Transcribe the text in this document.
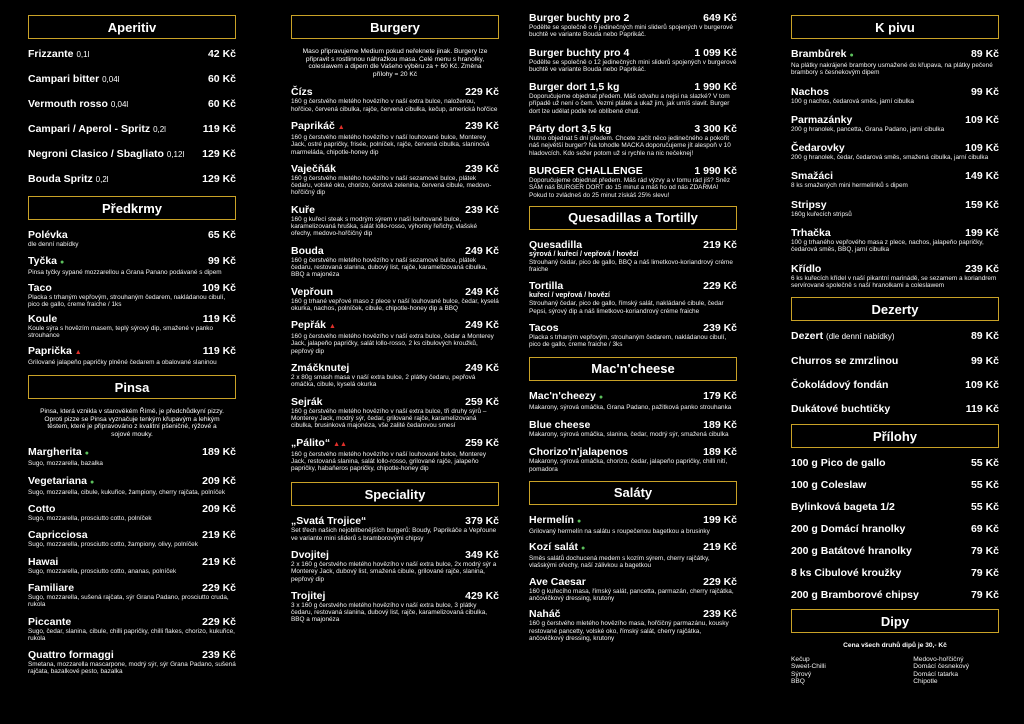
Aperitiv
Frizzante 0,1l	42 Kč
Campari bitter 0,04l	60 Kč
Vermouth rosso 0,04l	60 Kč
Campari / Aperol - Spritz 0,2l	119 Kč
Negroni Clasico / Sbagliato 0,12l 129 Kč
Bouda Spritz 0,2l	129 Kč
Předkrmy
Polévka	65 Kč
dle denní nabídky
Tyčka ●	99 Kč
Pinsa tyčky sypané mozzarellou a Grana Panano podávané s dipem
Taco	109 Kč
Placka s trhaným vepřovým, strouhaným čedarem, nakládanou cibulí, pico de gallo, creme fraiche / 1ks
Koule	119 Kč
Koule sýra s hovězím masem, teplý sýrový dip, smažené v panko strouhance
Paprička ▲	119 Kč
Grilované jalapeňo papričky plněné čedarem a obalované slaninou
Pinsa
Pinsa, která vznikla v starověkém Římě, je předchůdkyní pizzy. Oproti pizze se Pinsa vyznačuje tenkým křupavým a lehkým těstem, které je připravováno z kvalitní pšeničné, rýžové a sojové mouky.
Margherita ●	189 Kč
Sugo, mozzarella, bazalka
Vegetariana ●	209 Kč
Sugo, mozzarella, cibule, kukuřice, žampiony, cherry rajčata, polníček
Cotto	209 Kč
Sugo, mozzarella, prosciutto cotto, polníček
Capricciosa	219 Kč
Sugo, mozzarella, prosciutto cotto, žampiony, olivy, polníček
Hawai	219 Kč
Sugo, mozzarella, prosciutto cotto, ananas, polníček
Familiare	229 Kč
Sugo, mozzarella, sušená rajčata, sýr Grana Padano, prosciutto cruda, rukola
Piccante	229 Kč
Sugo, čedar, slanina, cibule, chilli papričky, chilli flakes, chorizo, kukuřice, rukola
Quattro formaggi	239 Kč
Smetana, mozzarella mascarpone, modrý sýr, sýr Grana Padano, sušená rajčata, bazalkové pesto, bazalka
Burgery
Maso připravujeme Medium pokud neřeknete jinak. Burgery lze připravit s rostlinnou náhražkou masa. Celé menu s hranolky, coleslawem a dipem dle Vašeho výběru za + 60 Kč. Změna přílohy = 20 Kč
Čízs	229 Kč
160 g čerstvého mletého hovězího v naší extra bulce, naloženou, hořčice, červená cibulka, rajče, červená cibulka, kečup, americká hořčice
Paprikáč ▲	239 Kč
160 g čerstvého mletého hovězího v naší louhované bulce, Monterey Jack, ostré papričky, frisée, polníček, rajče, červená cibulka, slaninová marmeláda, chipotle-honey dip
Vaječňák	239 Kč
160 g čerstvého mletého hovězího v naší sezamové bulce, plátek čedaru, volské oko, chorizo, čerstvá zelenina, červená cibule, medovo-hořčičný dip
Kuře	239 Kč
160 g kuřecí steak s modrým sýrem v naší louhované bulce, karamelizovaná hruška, salát lollo-rosso, výhonky řeřichy, vlašské ořechy, medovo-hořčičný dip
Bouda	249 Kč
160 g čerstvého mletého hovězího v naší sezamové bulce, plátek čedaru, restovaná slanina, dubový list, rajče, karamelizovaná cibulka, BBQ a majonéza
Vepřoun	249 Kč
160 g trhané vepřové maso z plece v naší louhované bulce, čedar, kyselá okurka, nachos, polníček, cibule, chipotle-honey dip a BBQ
Pepřák ▲	249 Kč
160 g čerstvého mletého hovězího v naší extra bulce, čedar a Monterey Jack, jalapeňo papričky, salát lollo-rosso, 2 ks cibulových kroužků, pepřový dip
Zmáčknutej	249 Kč
2 x 80g smash masa v naší extra bulce, 2 plátky čedaru, pepřová omáčka, cibule, kyselá okurka
Sejrák	259 Kč
160 g čerstvého mletého hovězího v naší extra bulce, tři druhy sýrů – Monterey Jack, modrý sýr, čedar, grilované rajče, karamelizovaná cibulka, brusinková majonéza, vše zalité čedarovou smesí
„Pálito“ ▲▲	259 Kč
160 g čerstvého mletého hovězího v naší louhované bulce, Monterey Jack, restovaná slanina, salát lollo-rosso, grilované rajče, jalapeňo papričky, habaňeros papričky, chipotle-honey dip
Speciality
„Svatá Trojice“	379 Kč
Set třech našich nejoblíbenějších burgerů: Boudy, Paprikáče a Vepřoune ve variante mini sliderů s bramborovými chipsy
Dvojitej	349 Kč
2 x 160 g čerstvého mletého hovězího v naší extra bulce, 2x modrý sýr a Monterey Jack, dubový list, smažená cibule, grilované rajče, slanina, pepřový dip
Trojitej	429 Kč
3 x 160 g čerstvého mletého hovězího v naší extra bulce, 3 plátky čedaru, restovaná slanina, dubový list, rajče, karamelizovaná cibulka, BBQ a majonéza
Burger buchty pro 2	649 Kč
Podělte se společně o 6 jedinečných mini sliderů spojených v burgerové buchtě ve variante Bouda nebo Paprikáč.
Burger buchty pro 4	1 099 Kč
Podělte se společně o 12 jedinečných mini sliderů spojených v burgerové buchtě ve variante Bouda nebo Paprikáč.
Burger dort 1,5 kg	1 990 Kč
Doporučujeme objednat předem. Máš odvahu a nejsi na slazké? V tom případě už není o čem. Vezmi plátek a ukaž jim, jak umíš slavit. Burger dort lze udělat podle tvé oblíbené chuti.
Párty dort 3,5 kg	3 300 Kč
Nutno objednat 5 dní předem. Chcete začít něco jedinečného a pokořit náš největší burger? Na tohodle MACKA doporučujeme jít alespoň v 10 hladovcích. Kdo sežer potom už si rychle na nic nečeknej!
BURGER CHALLENGE	1 990 Kč
Doporučujeme objednat předem. Máš rád výzvy a v tomu rád jíš? Sněz SÁM náš BURGER DORT do 15 minut a máš ho od nás ZDARMA! Pokud to zvládneš do 25 minut získáš 25% slevu!
Quesadillas a Tortilly
Quesadilla	219 Kč
sýrová / kuřecí / vepřová / hovězí
Strouhaný čedar, pico de gallo, BBQ a náš limetkovo-koriandrový créme fraiche
Tortilla	229 Kč
kuřecí / vepřová / hovězí
Strouhaný čedar, pico de gallo, římský salát, nakládané cibule, čedar Pepsi, sýrový dip a náš limetkovo-koriandrový créme fraiche
Tacos	239 Kč
Placka s trhaným vepřovým, strouhaným čedarem, nakládanou cibulí, pico de gallo, creme fraiche / 3ks
Mac'n'cheese
Mac'n'cheezy ●	179 Kč
Makarony, sýrová omáčka, Grana Padano, pažitková panko strouhanka
Blue cheese	189 Kč
Makarony, sýrová omáčka, slanina, čedar, modrý sýr, smažená cibulka
Chorizo'n'jalapenos	189 Kč
Makarony, sýrová omáčka, chorizo, čedar, jalapeňo papričky, chilli nití, pomadora
Saláty
Hermelín ●	199 Kč
Grilovaný hermelín na salátu s roupečenou bagetkou a brusinky
Kozí salát ●	219 Kč
Směs salátů dochucená medem s kozím sýrem, cherry rajčátky, vlašskými ořechy, naší zálivkou a bagetkou
Ave Caesar	229 Kč
160 g kuřecího masa, římský salát, pancetta, parmazán, cherry rajčátka, ančovičkový dressing, krutony
Naháč	239 Kč
160 g čerstvého mletého hovězího masa, hořčičný parmazánu, kousky restované pancetty, volské oko, římský salát, cherry rajčátka, ančovičkový dressing, krutony
K pivu
Brambůrek ●	89 Kč
Na plátky nakrájené brambory usmažené do křupava, na plátky pečené brambory s česnekovým dipem
Nachos	99 Kč
100 g nachos, čedarová směs, jarní cibulka
Parmazánky	109 Kč
200 g hranolek, pancetta, Grana Padano, jarní cibulka
Čedarovky	109 Kč
200 g hranolek, čedar, čedarová směs, smažená cibulka, jarní cibulka
Smažáci	149 Kč
8 ks smažených mini hermelínků s dipem
Stripsy	159 Kč
160g kuřecích stripsů
Trhačka	199 Kč
100 g trhaného vepřového masa z plece, nachos, jalapeňo papričky, čedarová směs, BBQ, jarní cibulka
Křídlo	239 Kč
6 ks kuřecích křídel v naší pikantní marinádě, se sezamem a koriandrem servírované společně s naší hranolkami a coleslawem
Dezerty
Dezert (dle denní nabídky)	89 Kč
Churros se zmrzlinou	99 Kč
Čokoládový fondán	109 Kč
Dukátové buchtičky	119 Kč
Přílohy
100 g Pico de gallo	55 Kč
100 g Coleslaw	55 Kč
Bylinková bageta 1/2	55 Kč
200 g Domácí hranolky	69 Kč
200 g Batátové hranolky	79 Kč
8 ks Cibulové kroužky	79 Kč
200 g Bramborové chipsy	79 Kč
Dipy
Cena všech druhů dipů je 30,- Kč
Kečup
Sweet-Chilli
Sýrový
BBQ
Medovo-hořčičný
Domácí česnekový
Domácí tatarka
Chipotle
